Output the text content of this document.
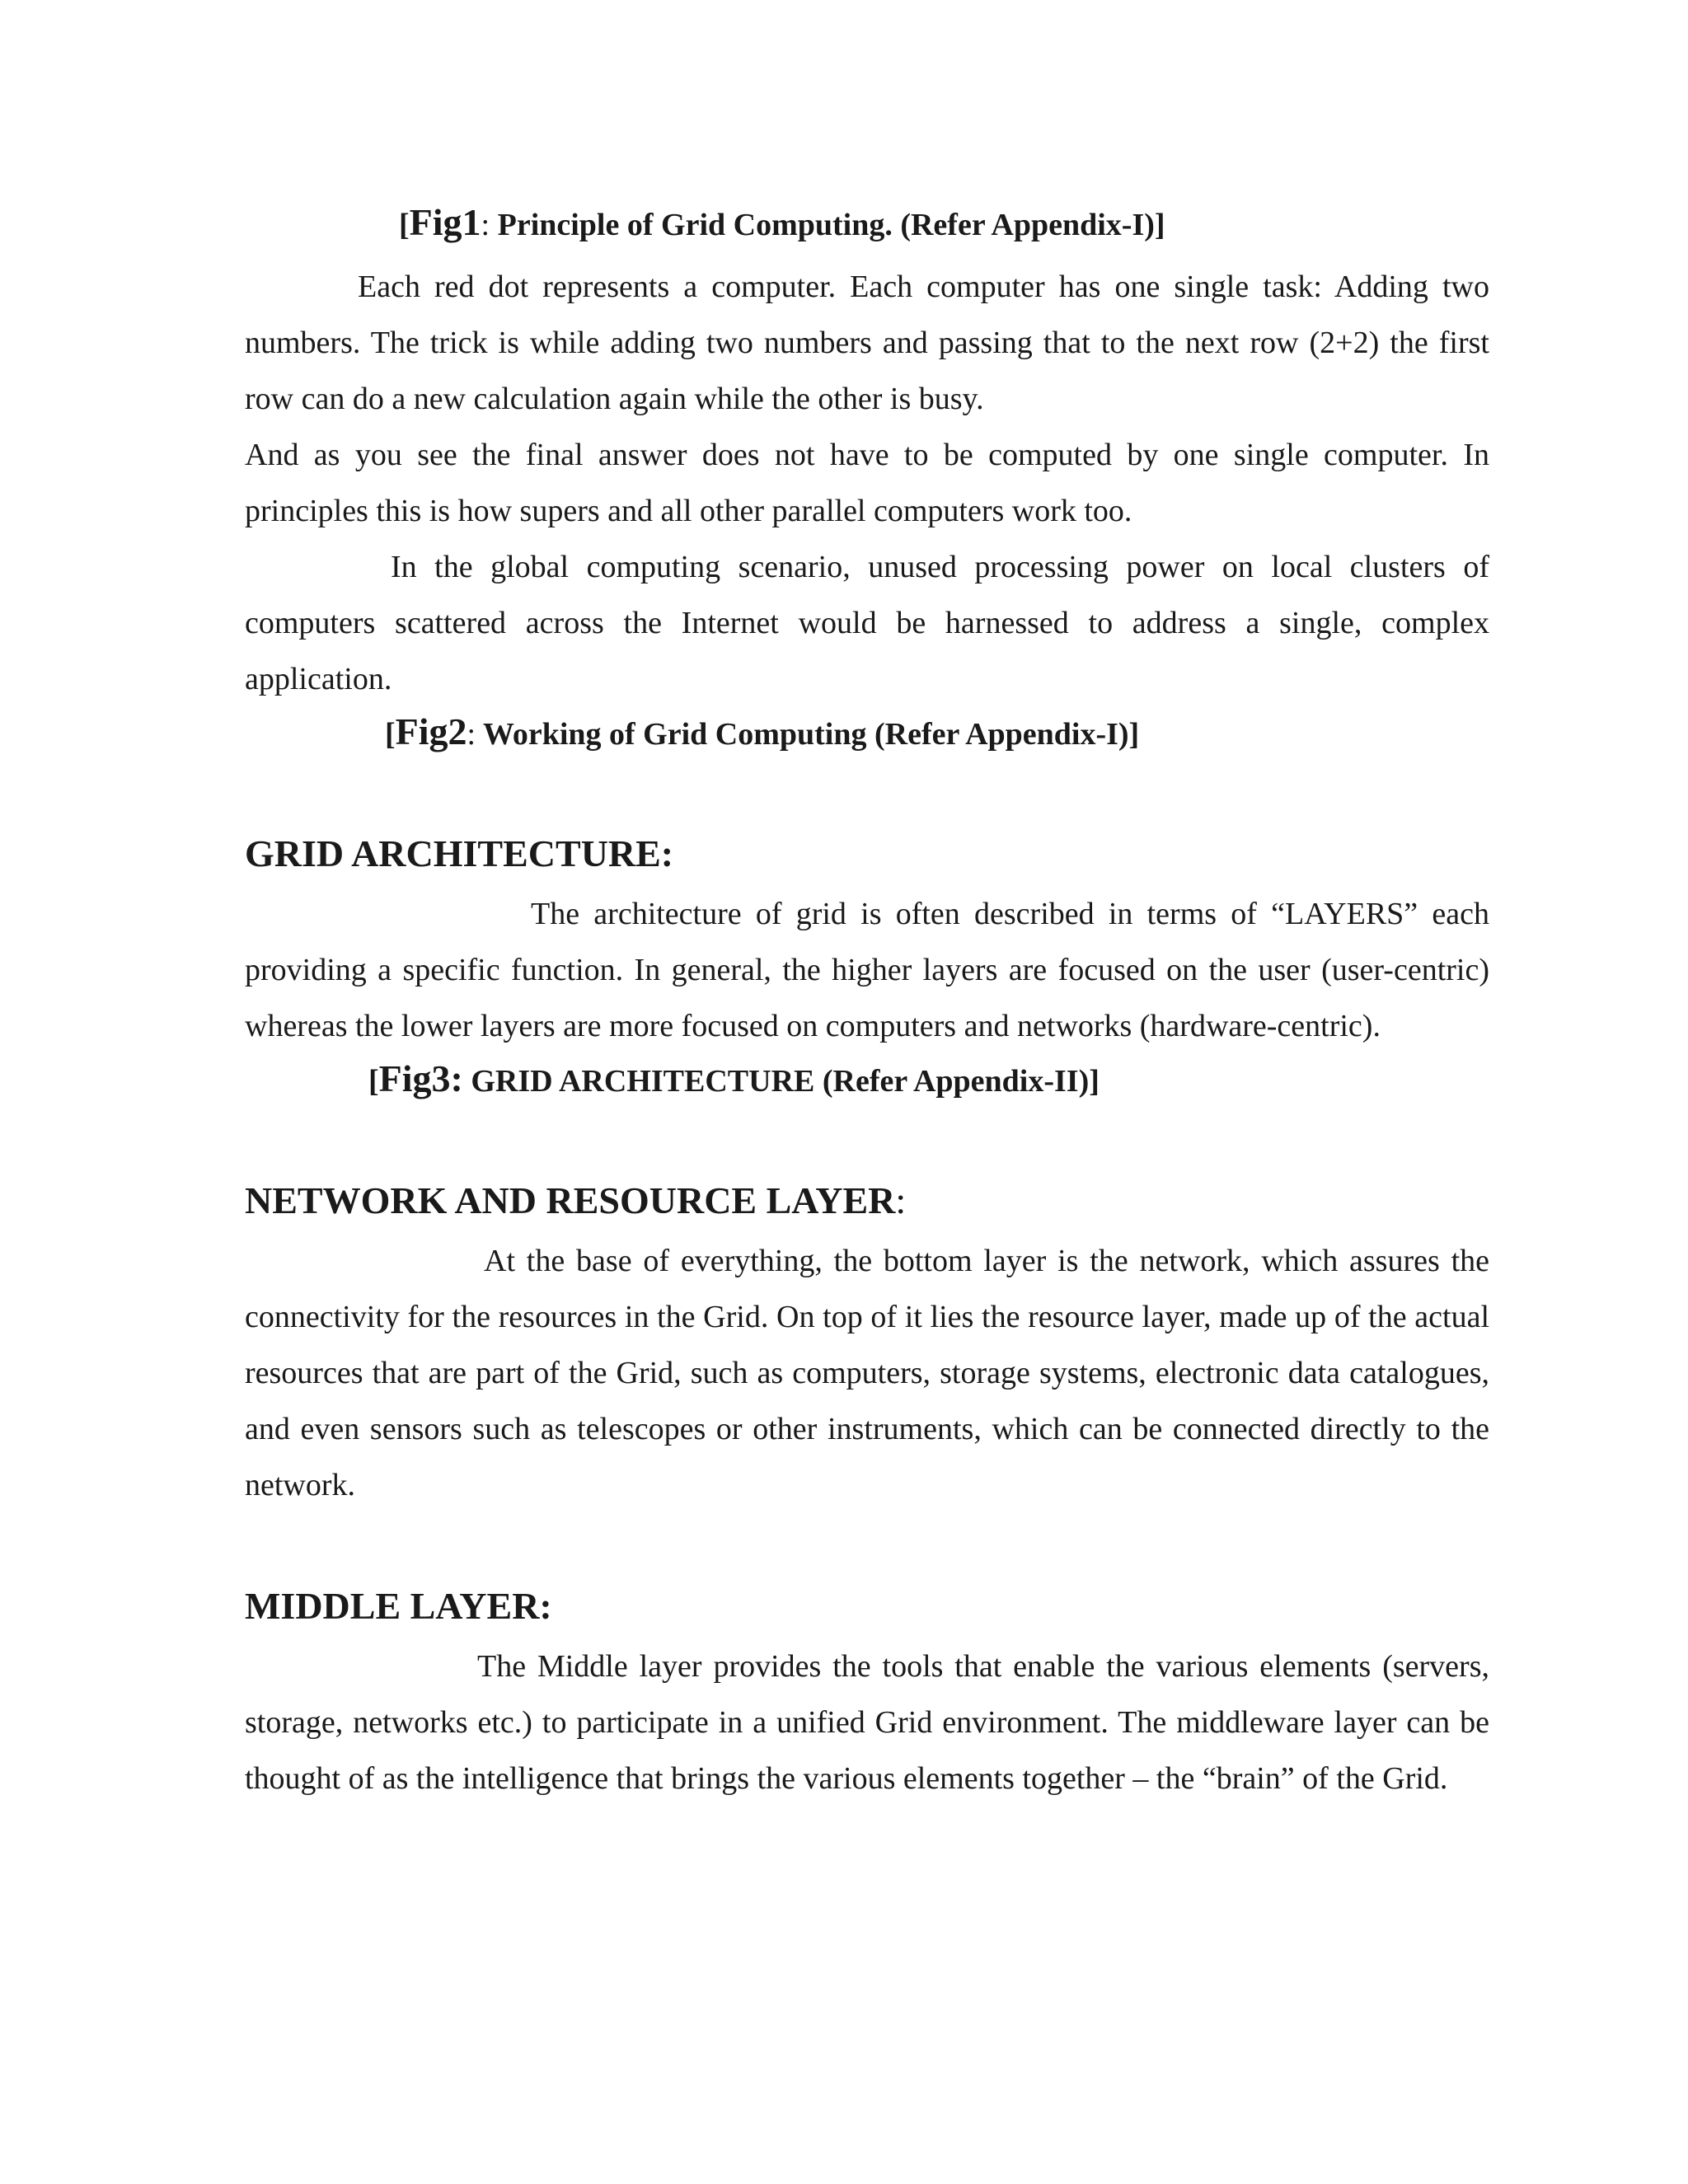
[Fig1: Principle of Grid Computing. (Refer Appendix-I)]

Each red dot represents a computer. Each computer has one single task: Adding two numbers. The trick is while adding two numbers and passing that to the next row (2+2) the first row can do a new calculation again while the other is busy.

And as you see the final answer does not have to be computed by one single computer. In principles this is how supers and all other parallel computers work too.

In the global computing scenario, unused processing power on local clusters of computers scattered across the Internet would be harnessed to address a single, complex application.

[Fig2: Working of Grid Computing (Refer Appendix-I)]
GRID ARCHITECTURE:

The architecture of grid is often described in terms of “LAYERS” each providing a specific function. In general, the higher layers are focused on the user (user-centric) whereas the lower layers are more focused on computers and networks (hardware-centric).

[Fig3: GRID ARCHITECTURE (Refer Appendix-II)]
NETWORK AND RESOURCE LAYER:

At the base of everything, the bottom layer is the network, which assures the connectivity for the resources in the Grid. On top of it lies the resource layer, made up of the actual resources that are part of the Grid, such as computers, storage systems, electronic data catalogues, and even sensors such as telescopes or other instruments, which can be connected directly to the network.

MIDDLE LAYER:

The Middle layer provides the tools that enable the various elements (servers, storage, networks etc.) to participate in a unified Grid environment. The middleware layer can be thought of as the intelligence that brings the various elements together – the “brain” of the Grid.
